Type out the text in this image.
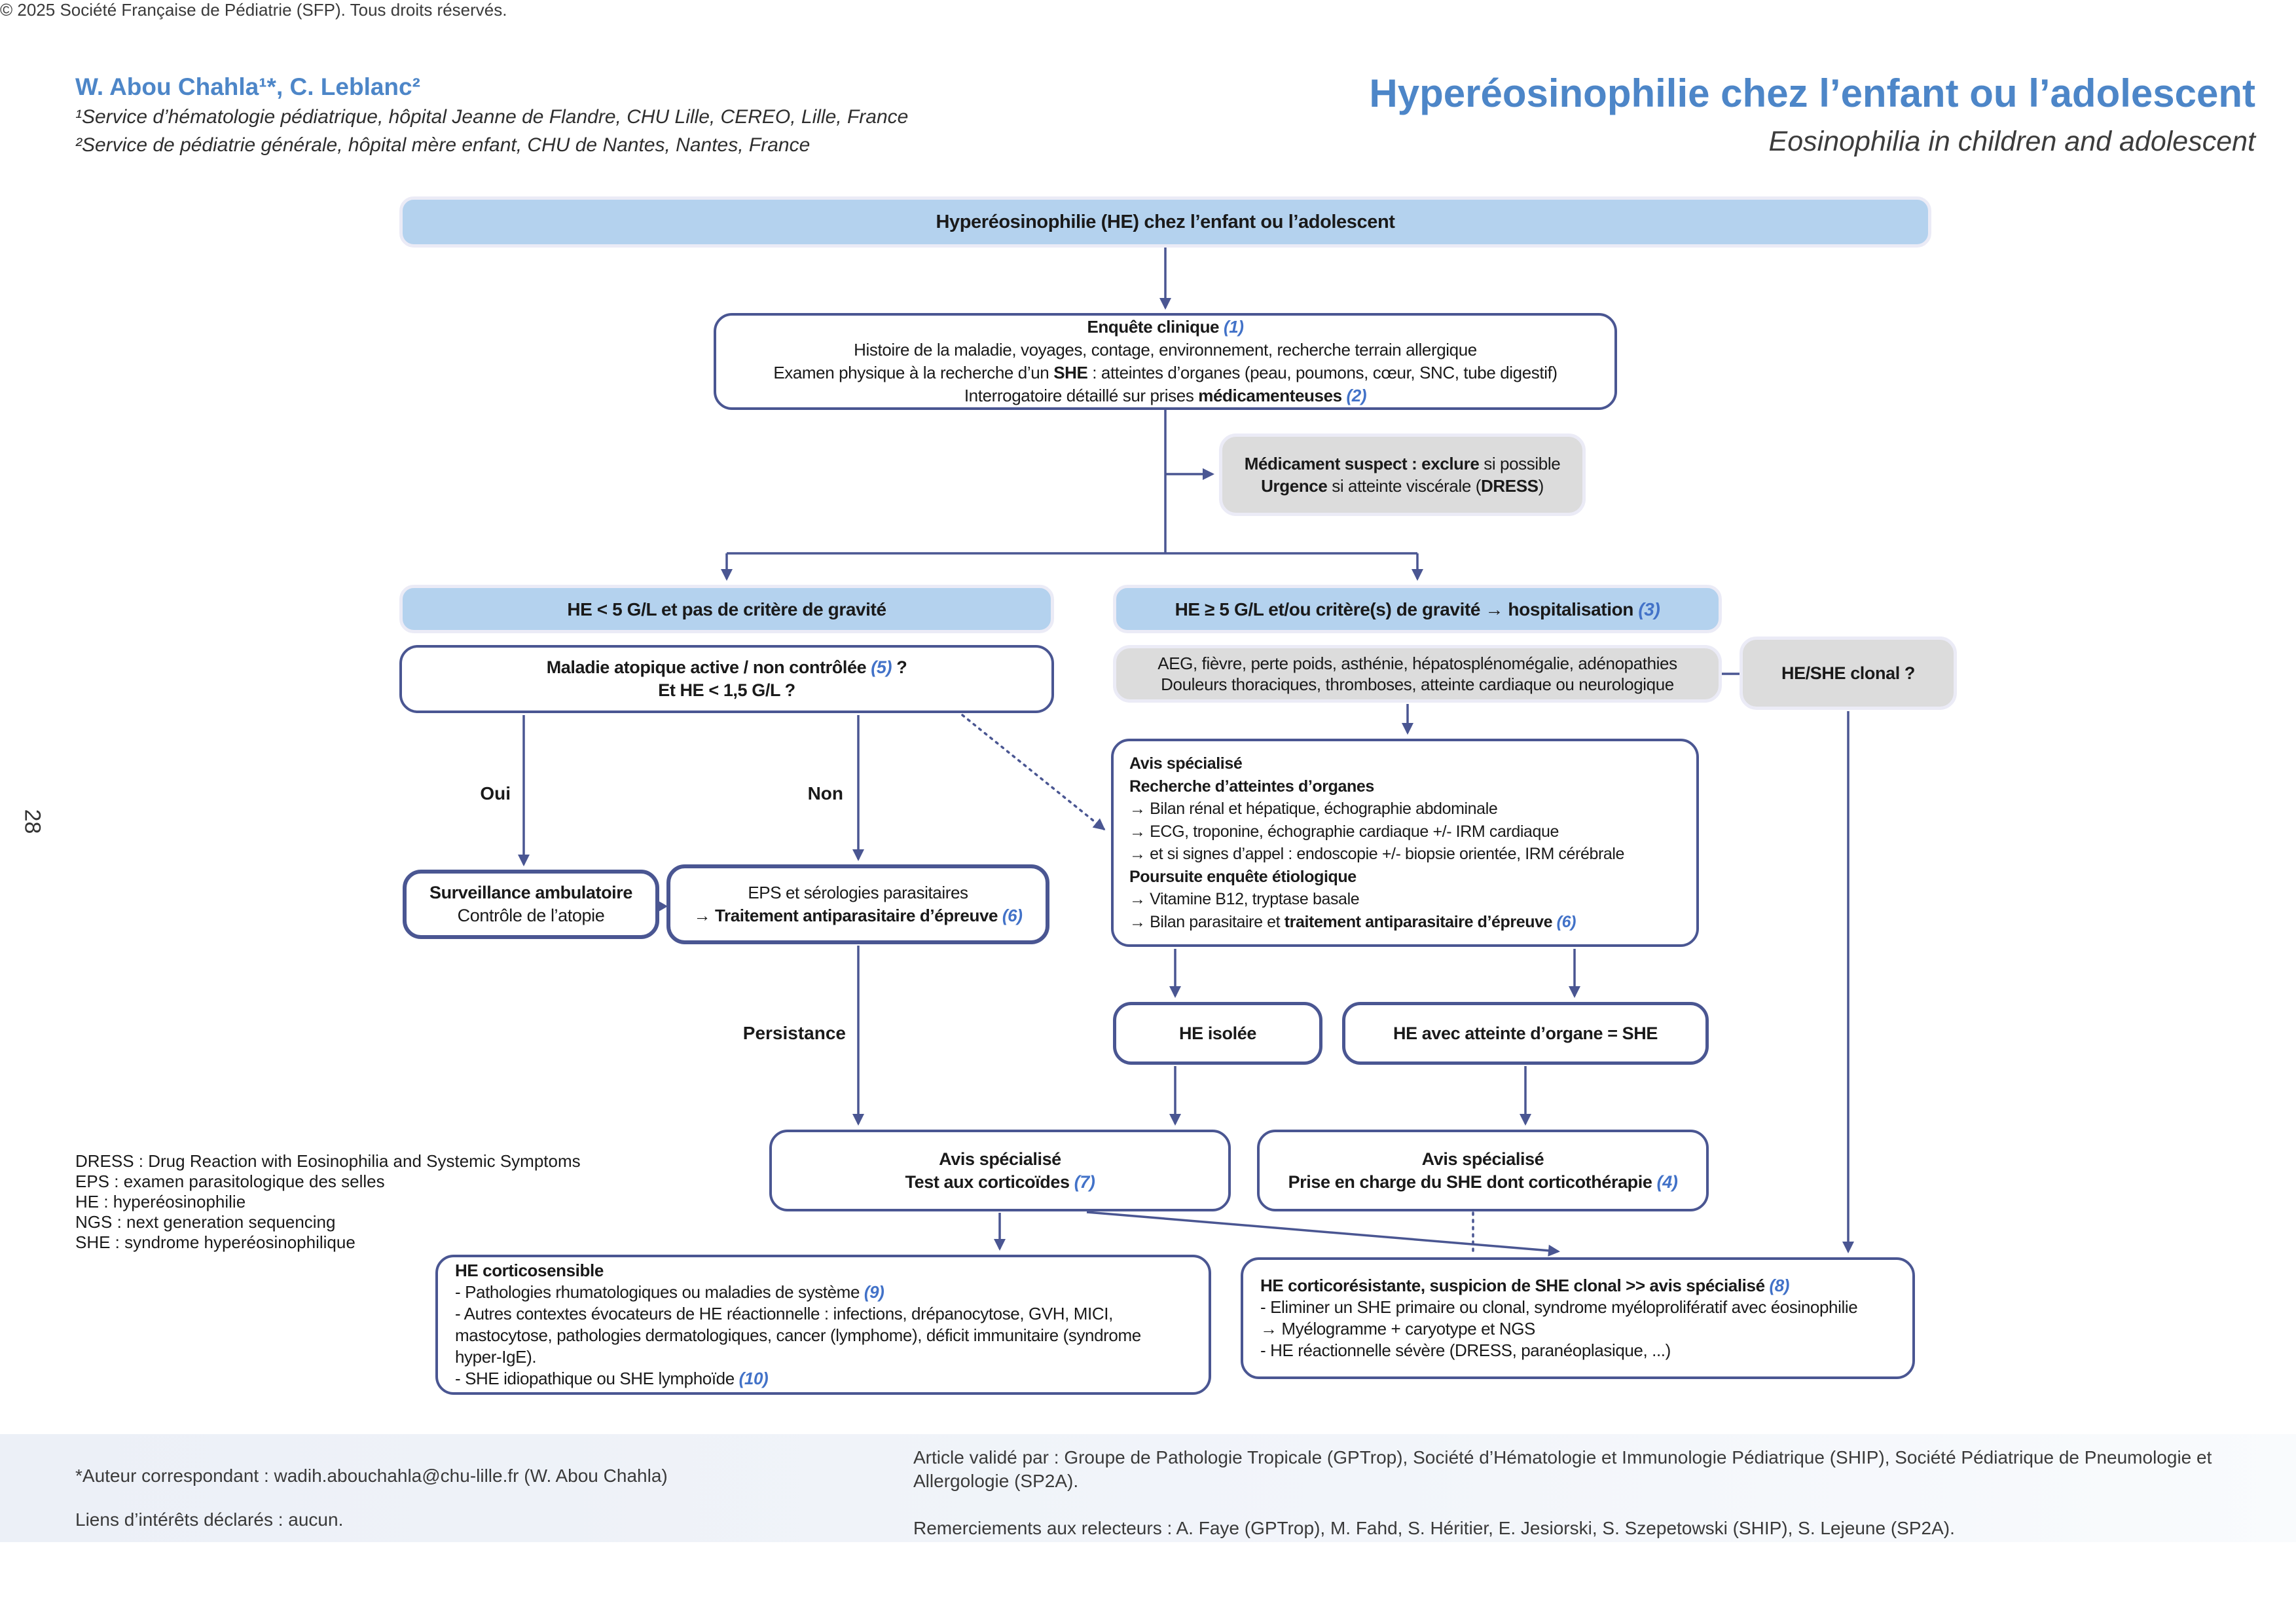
W. Abou Chahla¹*, C. Leblanc²
¹Service d’hématologie pédiatrique, hôpital Jeanne de Flandre, CHU Lille, CEREO, Lille, France
²Service de pédiatrie générale, hôpital mère enfant, CHU de Nantes, Nantes, France
Hyperéosinophilie chez l’enfant ou l’adolescent
Eosinophilia in children and adolescent
28
Hyperéosinophilie (HE) chez l’enfant ou l’adolescent
Enquête clinique (1)
Histoire de la maladie, voyages, contage, environnement, recherche terrain allergique
Examen physique à la recherche d’un SHE : atteintes d’organes (peau, poumons, cœur, SNC, tube digestif)
Interrogatoire détaillé sur prises médicamenteuses (2)
Médicament suspect : exclure si possible
Urgence si atteinte viscérale (DRESS)
HE < 5 G/L et pas de critère de gravité	HE ≥ 5 G/L et/ou critère(s) de gravité → hospitalisation (3)
Maladie atopique active / non contrôlée (5) ?
Et HE < 1,5 G/L ?
AEG, fièvre, perte poids, asthénie, hépatosplénomégalie, adénopathies
Douleurs thoraciques, thromboses, atteinte cardiaque ou neurologique
HE/SHE clonal ?
Avis spécialisé
Recherche d’atteintes d’organes
→ Bilan rénal et hépatique, échographie abdominale
→ ECG, troponine, échographie cardiaque +/- IRM cardiaque
→ et si signes d’appel : endoscopie +/- biopsie orientée, IRM cérébrale
Poursuite enquête étiologique
→ Vitamine B12, tryptase basale
→ Bilan parasitaire et traitement antiparasitaire d’épreuve (6)
Surveillance ambulatoire
Contrôle de l’atopie
EPS et sérologies parasitaires
→ Traitement antiparasitaire d’épreuve (6)
HE isolée	HE avec atteinte d’organe = SHE
Avis spécialisé
Test aux corticoïdes (7)
Avis spécialisé
Prise en charge du SHE dont corticothérapie (4)
HE corticosensible
- Pathologies rhumatologiques ou maladies de système (9)
- Autres contextes évocateurs de HE réactionnelle : infections, drépanocytose, GVH, MICI, mastocytose, pathologies dermatologiques, cancer (lymphome), déficit immunitaire (syndrome hyper-IgE).
- SHE idiopathique ou SHE lymphoïde (10)
HE corticorésistante, suspicion de SHE clonal >> avis spécialisé (8)
- Eliminer un SHE primaire ou clonal, syndrome myéloprolifératif avec éosinophilie
→ Myélogramme + caryotype et NGS
- HE réactionnelle sévère (DRESS, paranéoplasique, ...)
Oui	Non
Persistance
DRESS : Drug Reaction with Eosinophilia and Systemic Symptoms
EPS : examen parasitologique des selles
HE : hyperéosinophilie
NGS : next generation sequencing
SHE : syndrome hyperéosinophilique
*Auteur correspondant : wadih.abouchahla@chu-lille.fr (W. Abou Chahla)
Liens d’intérêts déclarés : aucun.
Article validé par : Groupe de Pathologie Tropicale (GPTrop), Société d’Hématologie et Immunologie Pédiatrique (SHIP), Société Pédiatrique de Pneumologie et Allergologie (SP2A).
Remerciements aux relecteurs : A. Faye (GPTrop), M. Fahd, S. Héritier, E. Jesiorski, S. Szepetowski (SHIP), S. Lejeune (SP2A).
© 2025 Société Française de Pédiatrie (SFP). Tous droits réservés.
